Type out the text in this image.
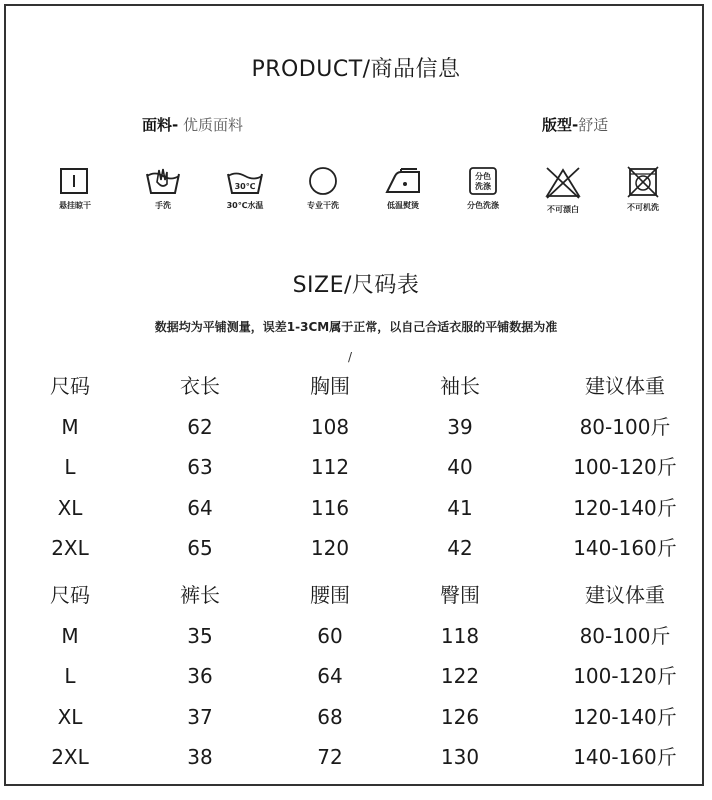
PRODUCT/商品信息
面料- 优质面料	版型-舒适
悬挂晾干	手洗
30℃
30℃水温	专业干洗	低温熨烫
分色
洗涤
分色洗涤	不可漂白	不可机洗
SIZE/尺码表
数据均为平铺测量，误差1-3CM属于正常，以自己合适衣服的平铺数据为准
/
尺码	衣长	胸围	袖长	建议体重
M	62	108	39	80-100斤
L	63	112	40	100-120斤
XL	64	116	41	120-140斤
2XL	65	120	42	140-160斤
尺码	裤长	腰围	臀围	建议体重
M	35	60	118	80-100斤
L	36	64	122	100-120斤
XL	37	68	126	120-140斤
2XL	38	72	130	140-160斤
